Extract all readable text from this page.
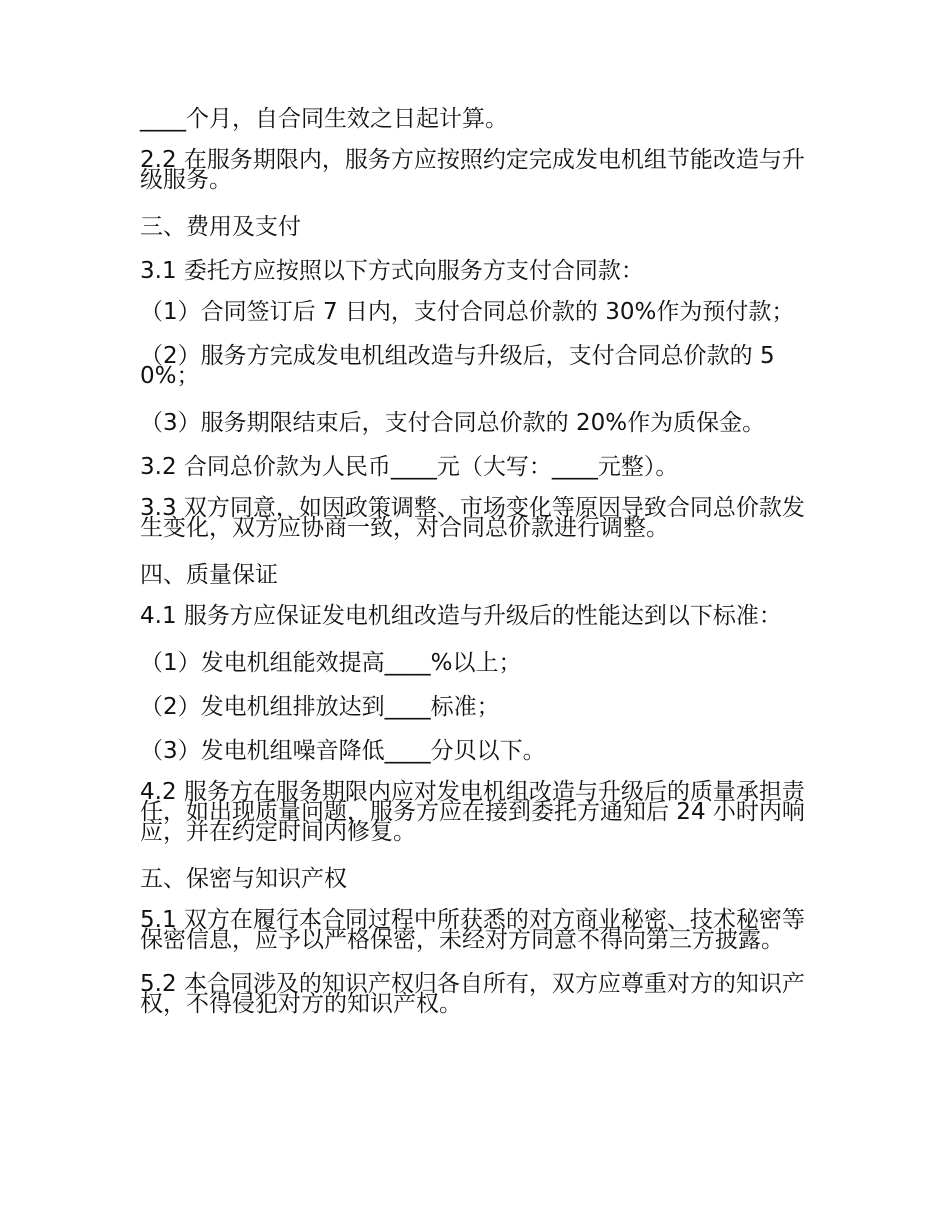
____个月，自合同生效之日起计算。

2.2 在服务期限内，服务方应按照约定完成发电机组节能改造与升级服务。

三、费用及支付

3.1 委托方应按照以下方式向服务方支付合同款：

（1）合同签订后 7 日内，支付合同总价款的 30%作为预付款；

（2）服务方完成发电机组改造与升级后，支付合同总价款的 50%；

（3）服务期限结束后，支付合同总价款的 20%作为质保金。

3.2 合同总价款为人民币____元（大写：____元整）。

3.3 双方同意，如因政策调整、市场变化等原因导致合同总价款发生变化，双方应协商一致，对合同总价款进行调整。

四、质量保证

4.1 服务方应保证发电机组改造与升级后的性能达到以下标准：

（1）发电机组能效提高____%以上；

（2）发电机组排放达到____标准；

（3）发电机组噪音降低____分贝以下。

4.2 服务方在服务期限内应对发电机组改造与升级后的质量承担责任，如出现质量问题，服务方应在接到委托方通知后 24 小时内响应，并在约定时间内修复。

五、保密与知识产权

5.1 双方在履行本合同过程中所获悉的对方商业秘密、技术秘密等保密信息，应予以严格保密，未经对方同意不得向第三方披露。

5.2 本合同涉及的知识产权归各自所有，双方应尊重对方的知识产权，不得侵犯对方的知识产权。
